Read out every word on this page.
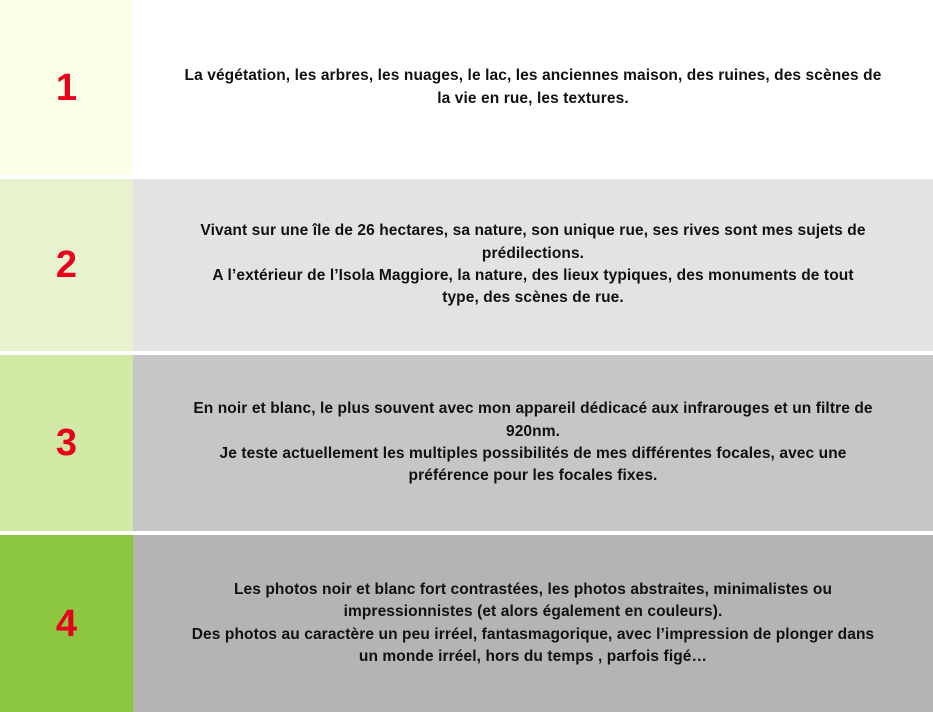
1	La végétation, les arbres, les nuages, le lac, les anciennes maison, des ruines, des scènes de
la vie en rue, les textures.
2
Vivant sur une île de 26 hectares, sa nature, son unique rue, ses rives sont mes sujets de
prédilections.
A l’extérieur de l’Isola Maggiore, la nature, des lieux typiques, des monuments de tout
type, des scènes de rue.
3
En noir et blanc, le plus souvent avec mon appareil dédicacé aux infrarouges et un filtre de
920nm.
Je teste actuellement les multiples possibilités de mes différentes focales, avec une
préférence pour les focales fixes.
4
Les photos noir et blanc fort contrastées, les photos abstraites, minimalistes ou
impressionnistes (et alors également en couleurs).
Des photos au caractère un peu irréel, fantasmagorique, avec l’impression de plonger dans
un monde irréel, hors du temps , parfois figé…
